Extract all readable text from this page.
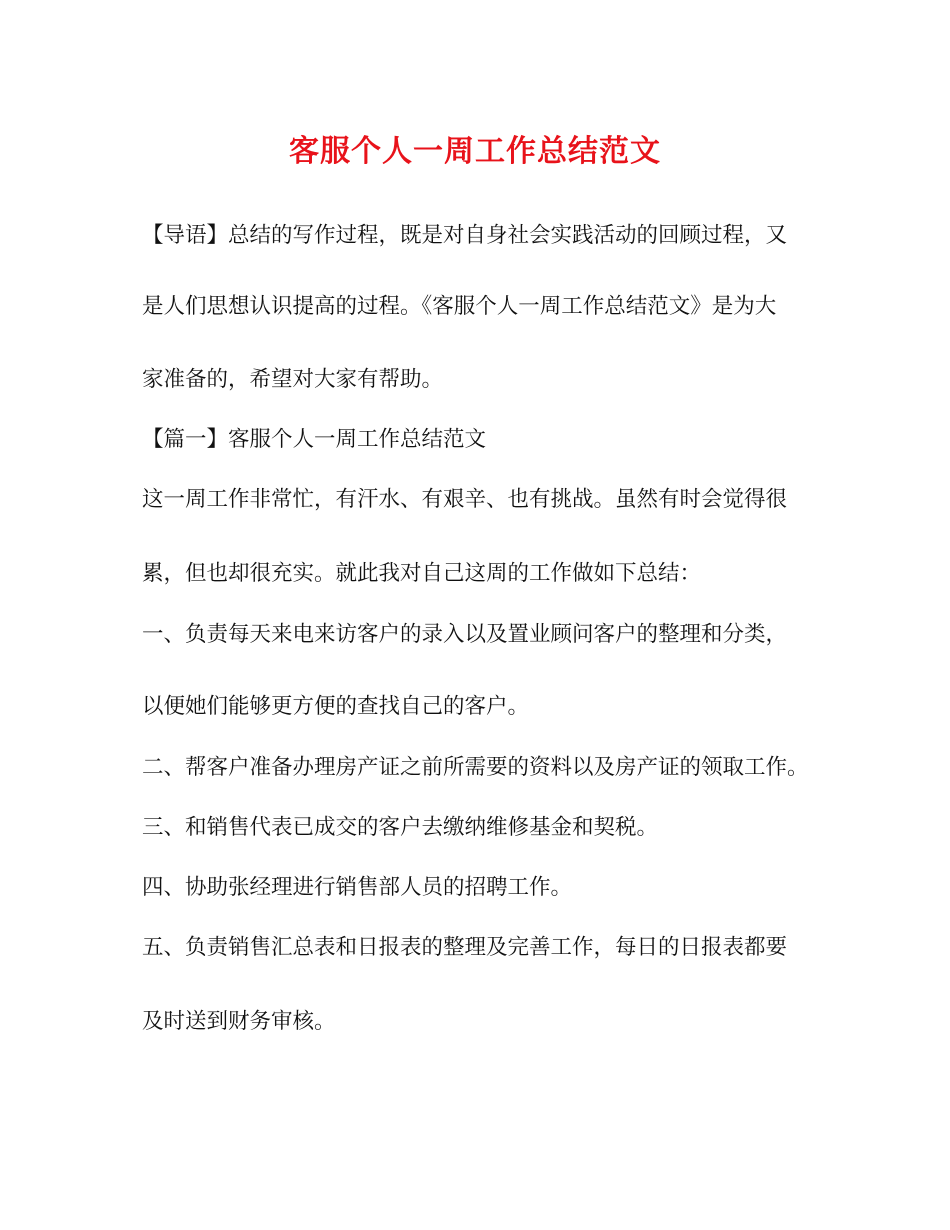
客服个人一周工作总结范文

【导语】总结的写作过程，既是对自身社会实践活动的回顾过程，又

是人们思想认识提高的过程。《客服个人一周工作总结范文》是为大

家准备的，希望对大家有帮助。

【篇一】客服个人一周工作总结范文

这一周工作非常忙，有汗水、有艰辛、也有挑战。虽然有时会觉得很

累，但也却很充实。就此我对自己这周的工作做如下总结：

一、负责每天来电来访客户的录入以及置业顾问客户的整理和分类，

以便她们能够更方便的查找自己的客户。

二、帮客户准备办理房产证之前所需要的资料以及房产证的领取工作。

三、和销售代表已成交的客户去缴纳维修基金和契税。

四、协助张经理进行销售部人员的招聘工作。

五、负责销售汇总表和日报表的整理及完善工作，每日的日报表都要

及时送到财务审核。
